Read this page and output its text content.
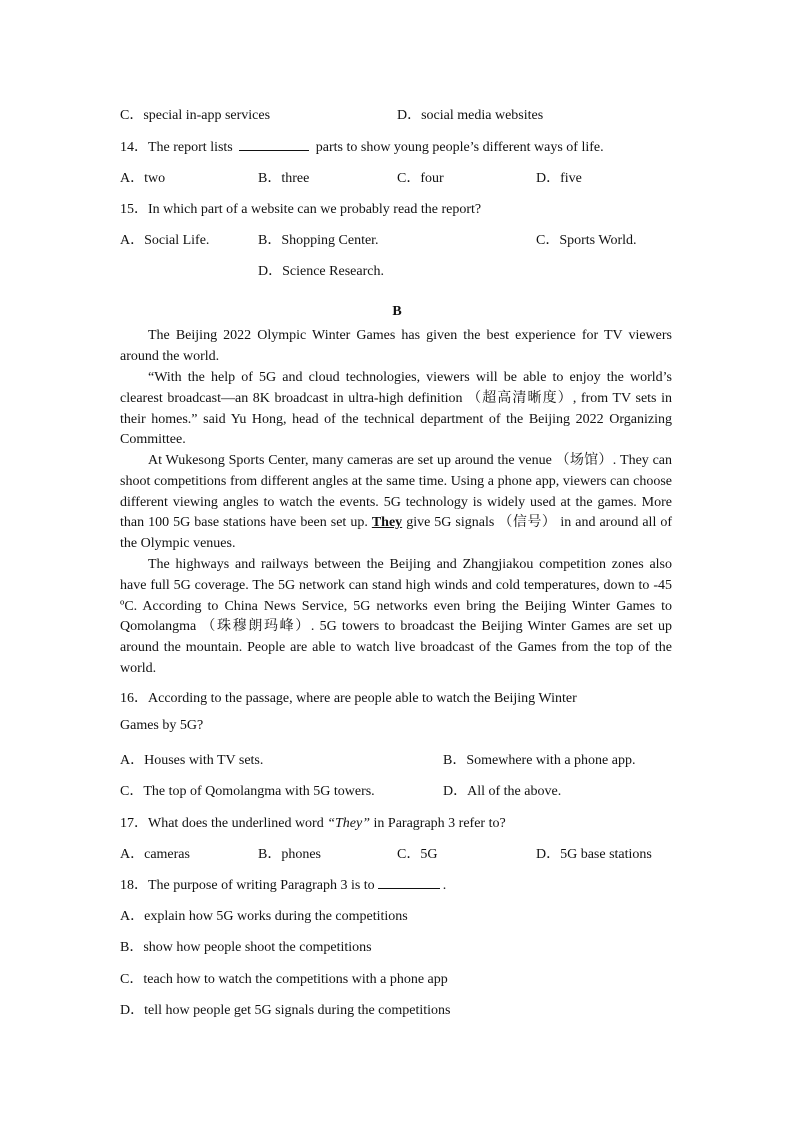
C．special in-app services	D．social media websites
14．The report lists	parts to show young people’s different ways of life.
A．two	B．three	C．four	D．five
15．In which part of a website can we probably read the report?
A．Social Life.	B．Shopping Center.	C．Sports World.
D．Science Research.
B
The Beijing 2022 Olympic Winter Games has given the best experience for TV viewers around the world.
“With the help of 5G and cloud technologies, viewers will be able to enjoy the world’s clearest broadcast—an 8K broadcast in ultra-high definition （超高清晰度）, from TV sets in their homes.” said Yu Hong, head of the technical department of the Beijing 2022 Organizing Committee.
At Wukesong Sports Center, many cameras are set up around the venue （场馆）. They can shoot competitions from different angles at the same time. Using a phone app, viewers can choose different viewing angles to watch the events. 5G technology is widely used at the games. More than 100 5G base stations have been set up. They give 5G signals （信号） in and around all of the Olympic venues.
The highways and railways between the Beijing and Zhangjiakou competition zones also have full 5G coverage. The 5G network can stand high winds and cold temperatures, down to -45 ºC. According to China News Service, 5G networks even bring the Beijing Winter Games to Qomolangma （珠穆朗玛峰）. 5G towers to broadcast the Beijing Winter Games are set up around the mountain. People are able to watch live broadcast of the Games from the top of the world.
16．According to the passage, where are people able to watch the Beijing Winter
Games by 5G?
A．Houses with TV sets.	B．Somewhere with a phone app.
C．The top of Qomolangma with 5G towers.	D．All of the above.
17．What does the underlined word “They” in Paragraph 3 refer to?
A．cameras	B．phones	C．5G	D．5G base stations
18．The purpose of writing Paragraph 3 is to	.
A．explain how 5G works during the competitions
B．show how people shoot the competitions
C．teach how to watch the competitions with a phone app
D．tell how people get 5G signals during the competitions
